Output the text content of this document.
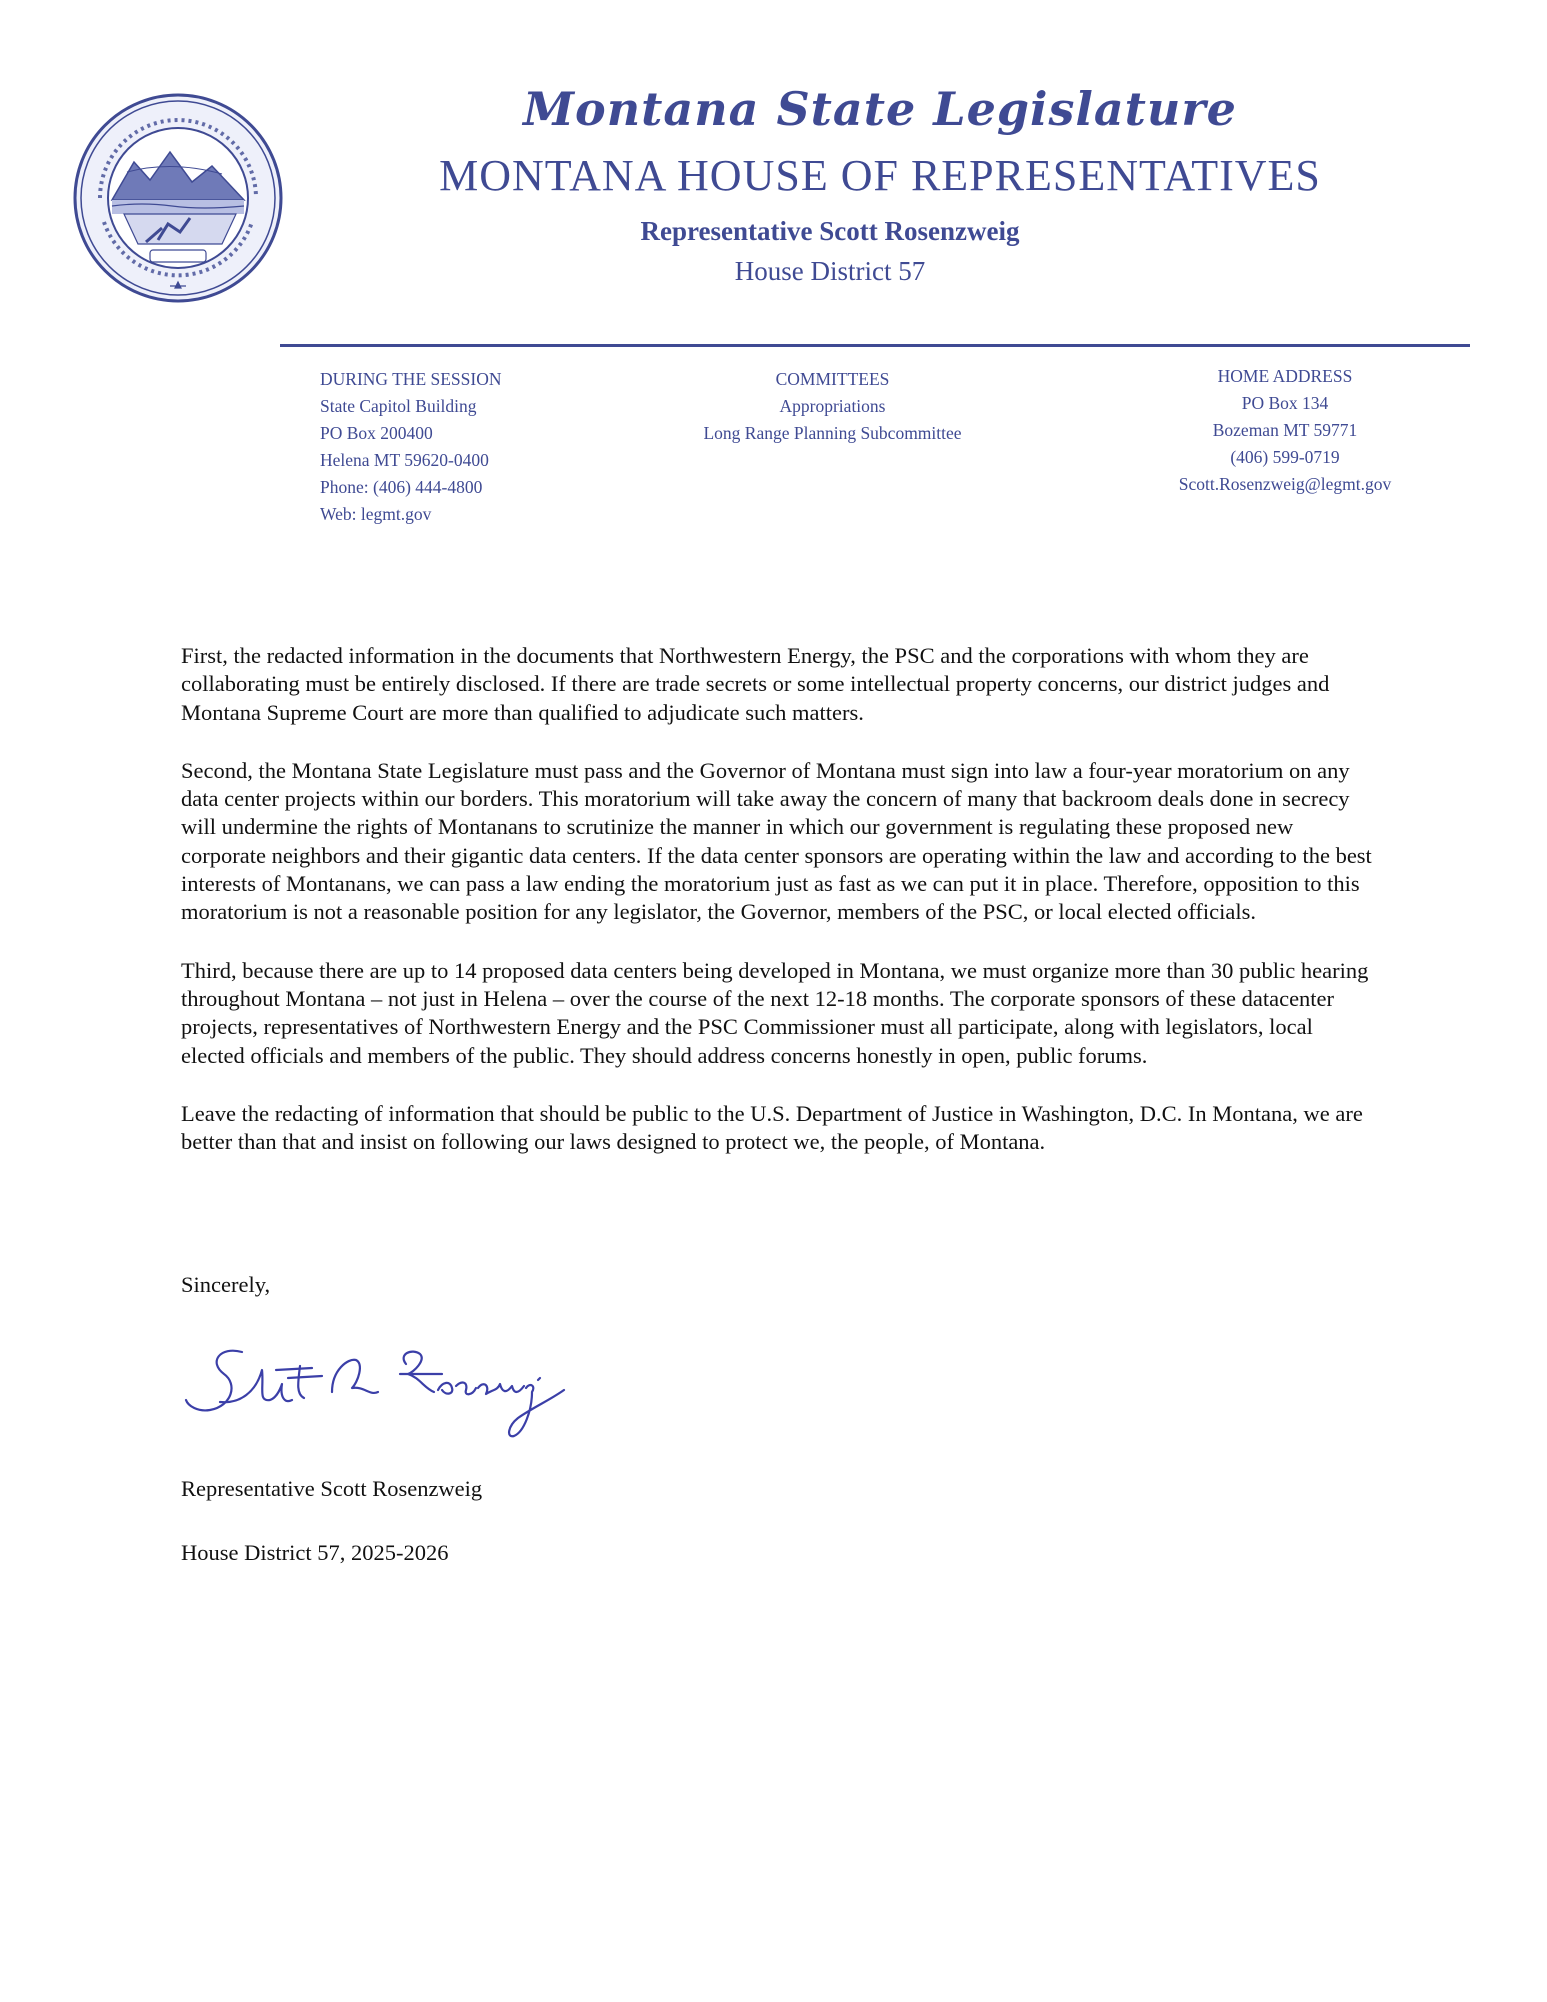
Montana State Legislature
MONTANA HOUSE OF REPRESENTATIVES
Representative Scott Rosenzweig
House District 57
DURING THE SESSION
State Capitol Building
PO Box 200400
Helena MT 59620-0400
Phone: (406) 444-4800
Web: legmt.gov
COMMITTEES
Appropriations
Long Range Planning Subcommittee
HOME ADDRESS
PO Box 134
Bozeman MT 59771
(406) 599-0719
Scott.Rosenzweig@legmt.gov

First, the redacted information in the documents that Northwestern Energy, the PSC and the corporations with whom they are collaborating must be entirely disclosed. If there are trade secrets or some intellectual property concerns, our district judges and Montana Supreme Court are more than qualified to adjudicate such matters.

Second, the Montana State Legislature must pass and the Governor of Montana must sign into law a four-year moratorium on any data center projects within our borders. This moratorium will take away the concern of many that backroom deals done in secrecy will undermine the rights of Montanans to scrutinize the manner in which our government is regulating these proposed new corporate neighbors and their gigantic data centers. If the data center sponsors are operating within the law and according to the best interests of Montanans, we can pass a law ending the moratorium just as fast as we can put it in place. Therefore, opposition to this moratorium is not a reasonable position for any legislator, the Governor, members of the PSC, or local elected officials.

Third, because there are up to 14 proposed data centers being developed in Montana, we must organize more than 30 public hearing throughout Montana – not just in Helena – over the course of the next 12-18 months. The corporate sponsors of these datacenter projects, representatives of Northwestern Energy and the PSC Commissioner must all participate, along with legislators, local elected officials and members of the public. They should address concerns honestly in open, public forums.

Leave the redacting of information that should be public to the U.S. Department of Justice in Washington, D.C. In Montana, we are better than that and insist on following our laws designed to protect we, the people, of Montana.

Sincerely,
Representative Scott Rosenzweig
House District 57, 2025-2026
